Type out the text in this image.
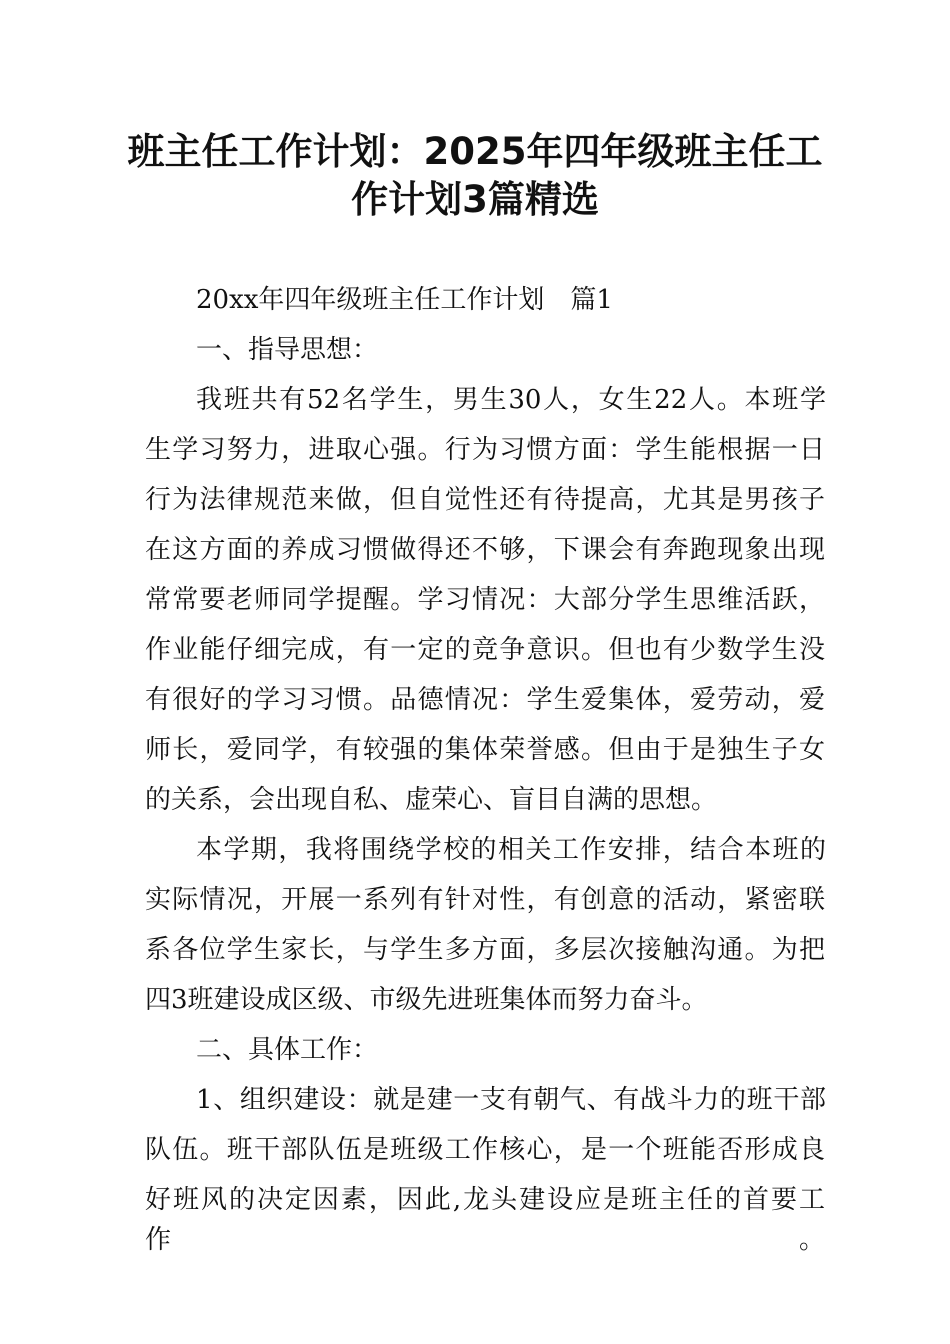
班主任工作计划：2025年四年级班主任工
作计划3篇精选

20xx年四年级班主任工作计划　篇1

一、指导思想：

我班共有52名学生，男生30人，女生22人。本班学

生学习努力，进取心强。行为习惯方面：学生能根据一日

行为法律规范来做，但自觉性还有待提高，尤其是男孩子

在这方面的养成习惯做得还不够，下课会有奔跑现象出现

常常要老师同学提醒。学习情况：大部分学生思维活跃，

作业能仔细完成，有一定的竞争意识。但也有少数学生没

有很好的学习习惯。品德情况：学生爱集体，爱劳动，爱

师长，爱同学，有较强的集体荣誉感。但由于是独生子女

的关系，会出现自私、虚荣心、盲目自满的思想。

本学期，我将围绕学校的相关工作安排，结合本班的

实际情况，开展一系列有针对性，有创意的活动，紧密联

系各位学生家长，与学生多方面，多层次接触沟通。为把

四3班建设成区级、市级先进班集体而努力奋斗。

二、具体工作：

1、组织建设：就是建一支有朝气、有战斗力的班干部

队伍。班干部队伍是班级工作核心，是一个班能否形成良

好班风的决定因素，因此,龙头建设应是班主任的首要工作。
